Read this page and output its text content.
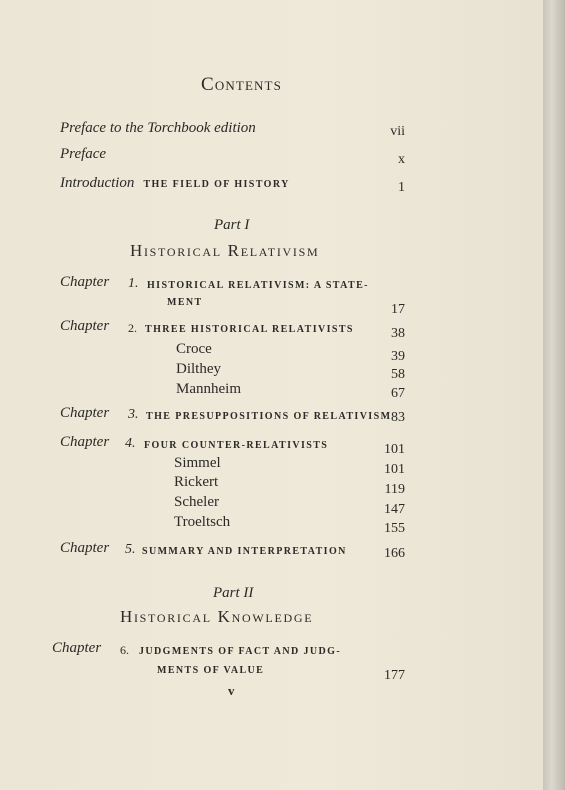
Contents
Preface to the Torchbook edition	vii
Preface	x
Introduction THE FIELD OF HISTORY	1
Part I
Historical Relativism
Chapter 1. HISTORICAL RELATIVISM: A STATE-
MENT	17
Chapter 2. THREE HISTORICAL RELATIVISTS	38
Croce	39
Dilthey	58
Mannheim	67
Chapter 3. THE PRESUPPOSITIONS OF RELATIVISM 83
Chapter 4. FOUR COUNTER-RELATIVISTS	101
Simmel	101
Rickert	119
Scheler	147
Troeltsch	155
Chapter 5. SUMMARY AND INTERPRETATION	166
Part II
Historical Knowledge
Chapter 6. JUDGMENTS OF FACT AND JUDG-
MENTS OF VALUE	177
v
